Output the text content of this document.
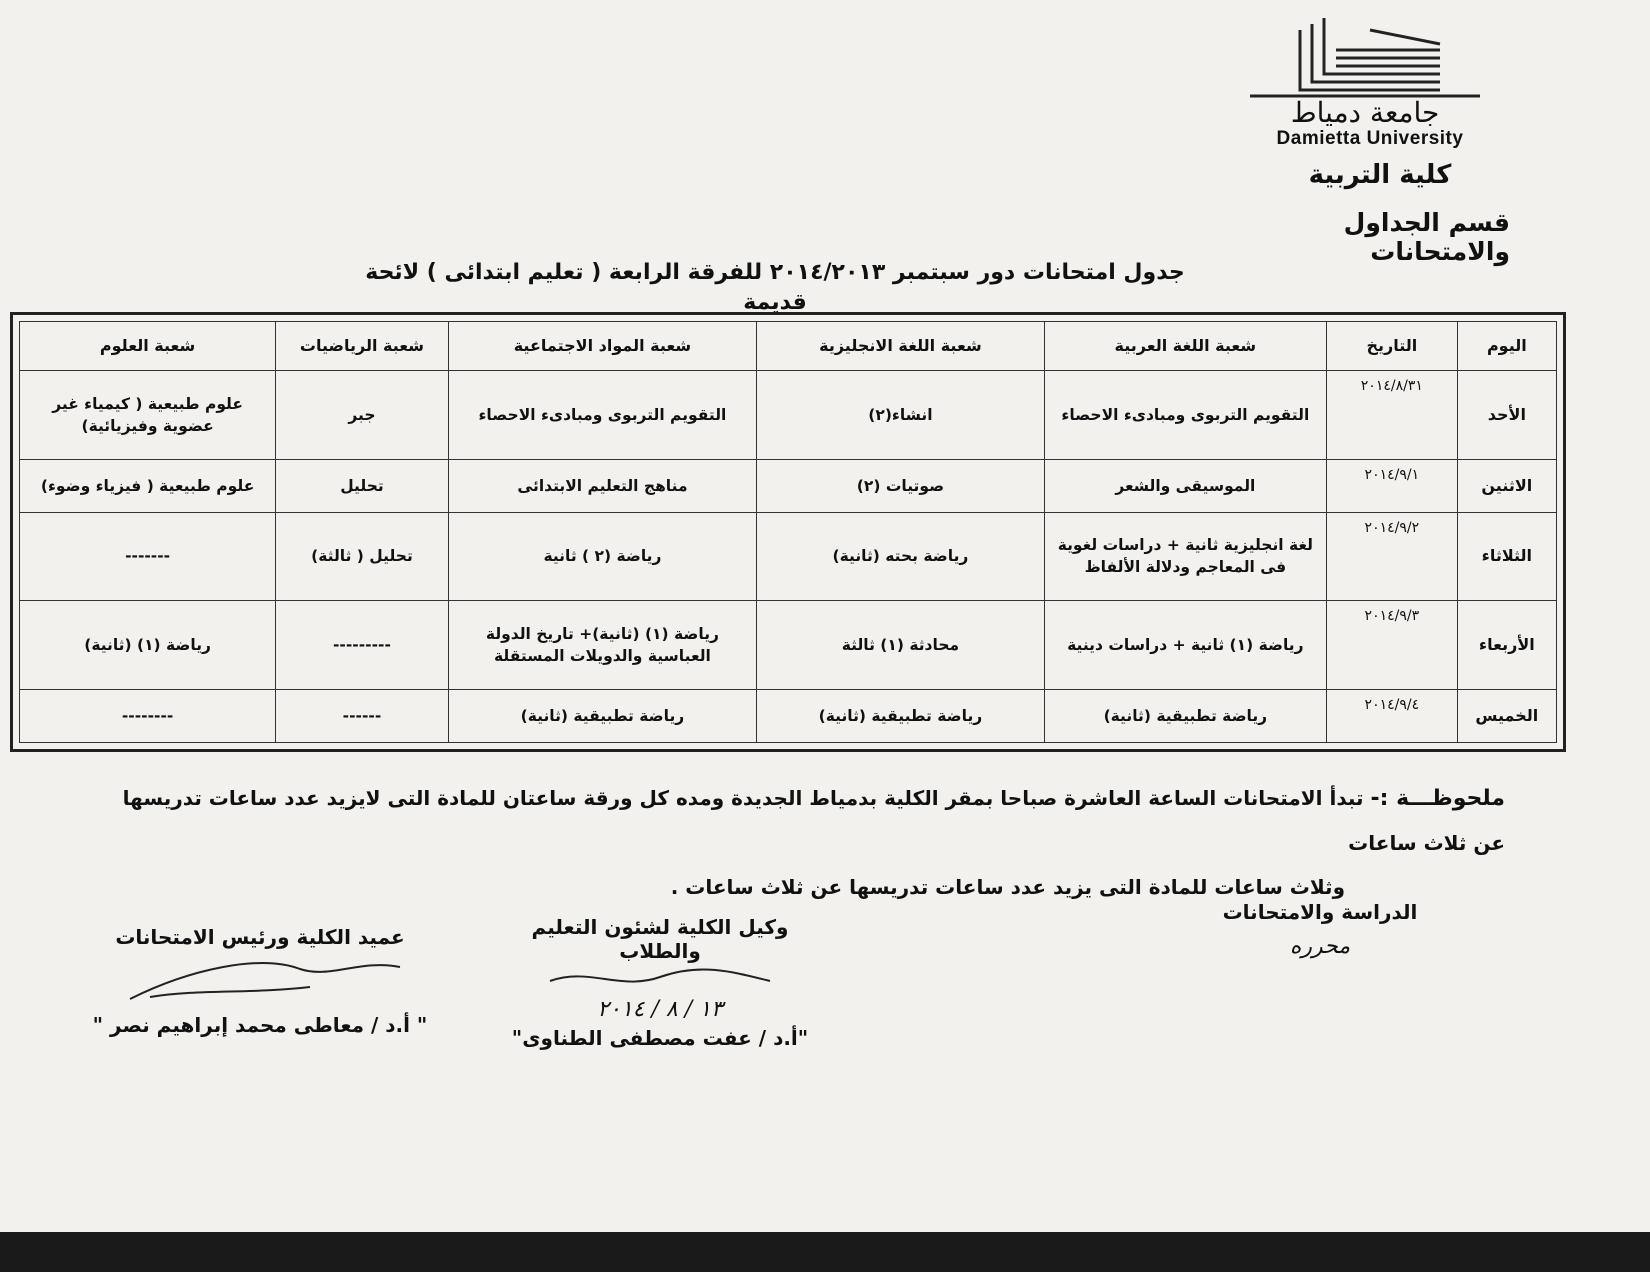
جامعة دمياط
Damietta University
كلية التربية
قسم الجداول والامتحانات
جدول امتحانات دور سبتمبر ٢٠١٤/٢٠١٣ للفرقة الرابعة ( تعليم ابتدائى ) لائحة قديمة
اليوم	التاريخ	شعبة اللغة العربية	شعبة اللغة الانجليزية	شعبة المواد الاجتماعية	شعبة الرياضيات	شعبة العلوم
الأحد	٢٠١٤/٨/٣١	التقويم التربوى ومبادىء الاحصاء	انشاء(٢)	التقويم التربوى ومبادىء الاحصاء	جبر	علوم طبيعية ( كيمياء غير عضوية وفيزيائية)
الاثنين	٢٠١٤/٩/١	الموسيقى والشعر	صوتيات (٢)	مناهج التعليم الابتدائى	تحليل	علوم طبيعية ( فيزياء وضوء)
الثلاثاء	٢٠١٤/٩/٢	لغة انجليزية ثانية + دراسات لغوية فى المعاجم ودلالة الألفاظ	رياضة بحته (ثانية)	رياضة (٢ ) ثانية	تحليل ( ثالثة)	-------
الأربعاء	٢٠١٤/٩/٣	رياضة (١) ثانية + دراسات دينية	محادثة (١) ثالثة	رياضة (١) (ثانية)+ تاريخ الدولة العباسية والدويلات المستقلة	---------	رياضة (١) (ثانية)
الخميس	٢٠١٤/٩/٤	رياضة تطبيقية (ثانية)	رياضة تطبيقية (ثانية)	رياضة تطبيقية (ثانية)	------	--------
ملحوظـــة :- تبدأ الامتحانات الساعة العاشرة صباحا بمقر الكلية بدمياط الجديدة ومده كل ورقة ساعتان للمادة التى لايزيد عدد ساعات تدريسها عن ثلاث ساعات
وثلاث ساعات للمادة التى يزيد عدد ساعات تدريسها عن ثلاث ساعات .
الدراسة والامتحانات
محرره
وكيل الكلية لشئون التعليم والطلاب
١٣ / ٨ / ٢٠١٤
"أ.د / عفت مصطفى الطناوى"
عميد الكلية ورئيس الامتحانات
" أ.د / معاطى محمد إبراهيم نصر "
